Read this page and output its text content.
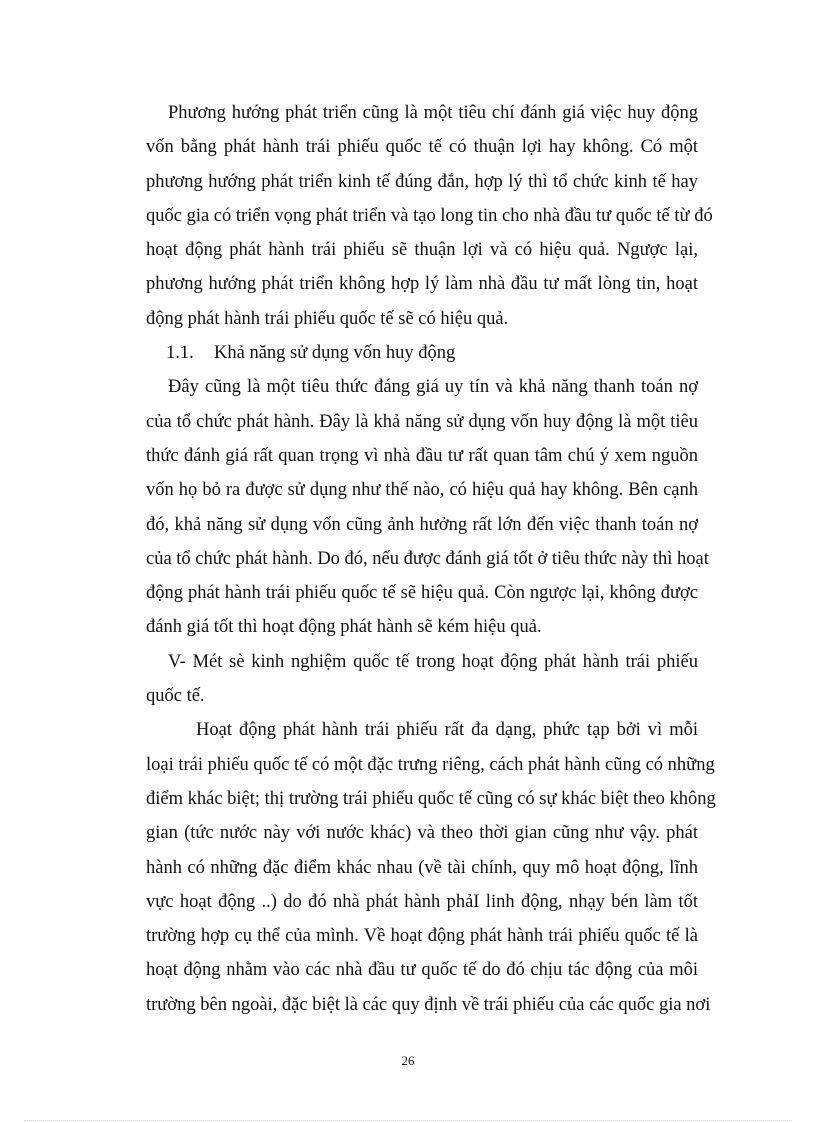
Phương hướng phát triển cũng là một tiêu chí đánh giá việc huy động
vốn bằng phát hành trái phiếu quốc tế có thuận lợi hay không. Có một
phương hướng phát triển kinh tế đúng đắn, hợp lý thì tổ chức kinh tế hay
quốc gia có triển vọng phát triển và tạo long tin cho nhà đầu tư quốc tế từ đó
hoạt động phát hành trái phiếu sẽ thuận lợi và có hiệu quả. Ngược lại,
phương hướng phát triển không hợp lý làm nhà đầu tư mất lòng tin, hoạt
động phát hành trái phiếu quốc tế sẽ có hiệu quả.

1.1. Khả năng sử dụng vốn huy động

Đây cũng là một tiêu thức đáng giá uy tín và khả năng thanh toán nợ
của tổ chức phát hành. Đây là khả năng sử dụng vốn huy động là một tiêu
thức đánh giá rất quan trọng vì nhà đầu tư rất quan tâm chú ý xem nguồn
vốn họ bỏ ra được sử dụng như thế nào, có hiệu quả hay không. Bên cạnh
đó, khả năng sử dụng vốn cũng ảnh hưởng rất lớn đến việc thanh toán nợ
của tổ chức phát hành. Do đó, nếu được đánh giá tốt ở tiêu thức này thì hoạt
động phát hành trái phiếu quốc tế sẽ hiệu quả. Còn ngược lại, không được
đánh giá tốt thì hoạt động phát hành sẽ kém hiệu quả.

V- Mét sè kinh nghiệm quốc tế trong hoạt động phát hành trái phiếu
quốc tế.

Hoạt động phát hành trái phiếu rất đa dạng, phức tạp bởi vì mỗi
loại trái phiếu quốc tế có một đặc trưng riêng, cách phát hành cũng có những
điểm khác biệt; thị trường trái phiếu quốc tế cũng có sự khác biệt theo không
gian (tức nước này với nước khác) và theo thời gian cũng như vậy. phát
hành có những đặc điểm khác nhau (về tài chính, quy mô hoạt động, lĩnh
vực hoạt động ..) do đó nhà phát hành phảI linh động, nhạy bén làm tốt
trường hợp cụ thể của mình. Về hoạt động phát hành trái phiếu quốc tế là
hoạt động nhằm vào các nhà đầu tư quốc tế do đó chịu tác động của môi
trường bên ngoài, đặc biệt là các quy định về trái phiếu của các quốc gia nơi

26
